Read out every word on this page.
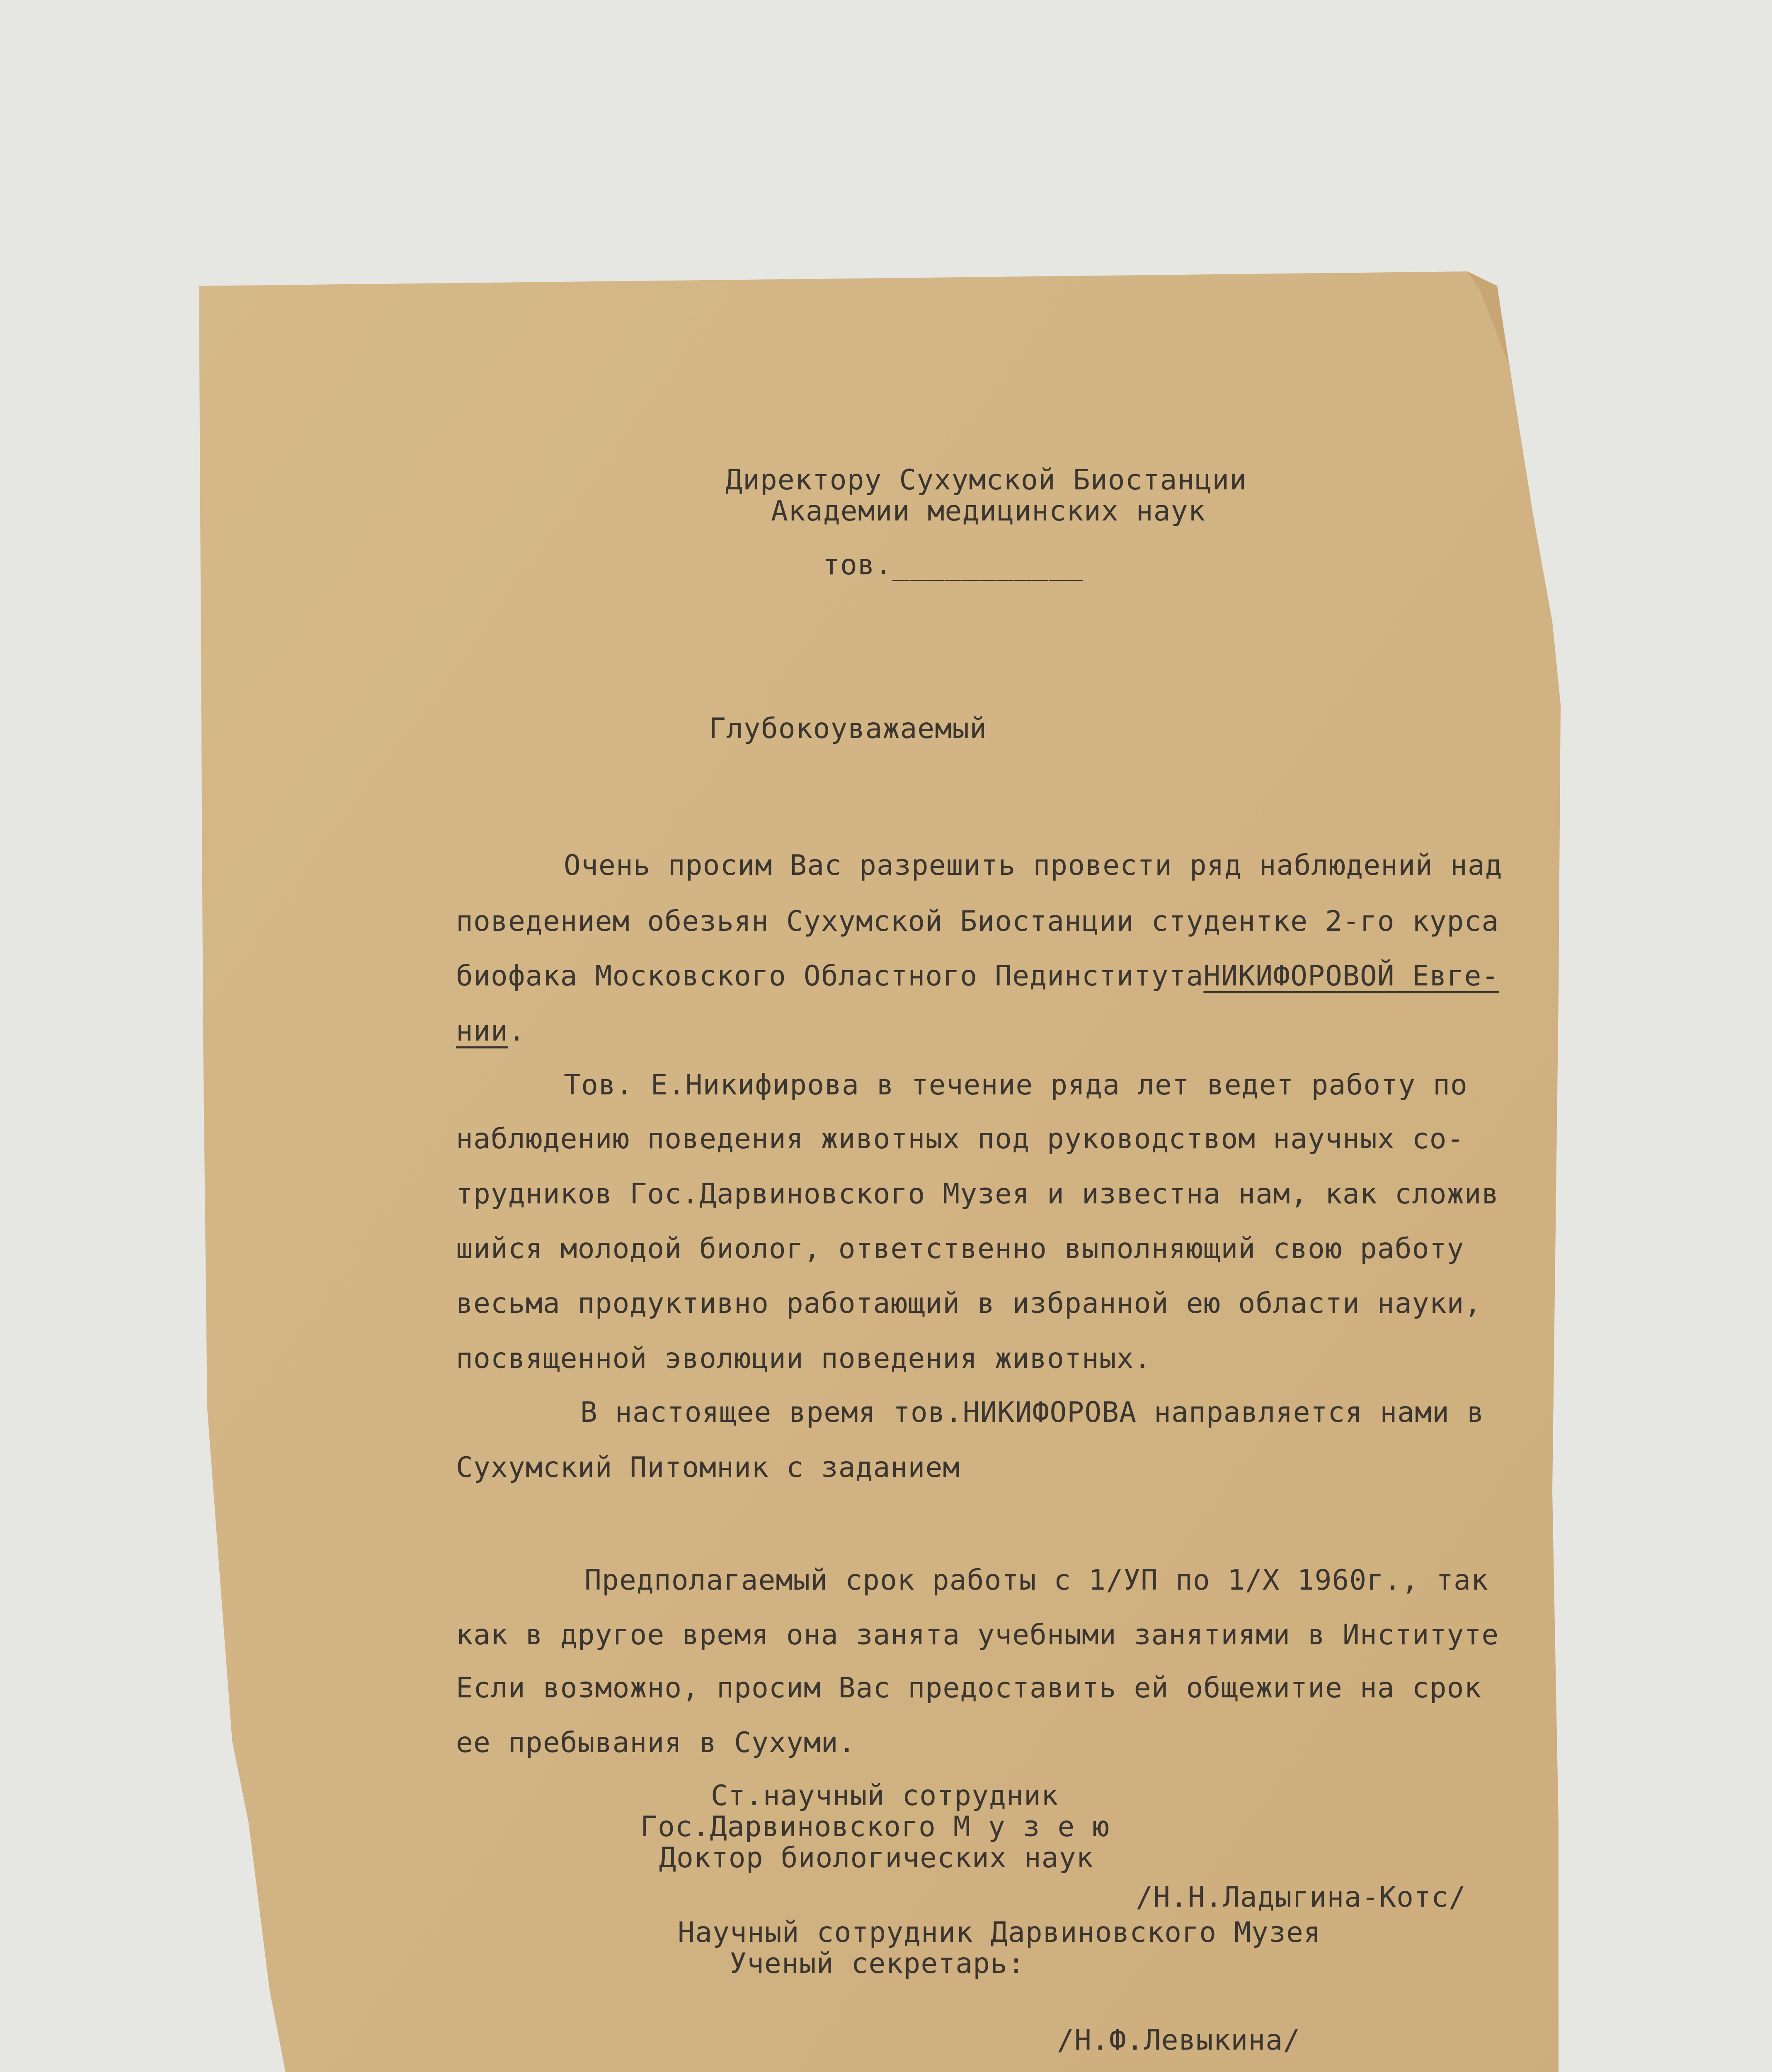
Директору Сухумской Биостанции
Академии медицинских наук
тов.___________
Глубокоуважаемый
Очень просим Вас разрешить провести ряд наблюдений над
поведением обезьян Сухумской Биостанции студентке 2-го курса
биофака Московского Областного ПединститутаНИКИФОРОВОЙ Евге-
нии.
Тов. Е.Никифирова в течение ряда лет ведет работу по
наблюдению поведения животных под руководством научных со-
трудников Гос.Дарвиновского Музея и известна нам, как сложив
шийся молодой биолог, ответственно выполняющий свою работу
весьма продуктивно работающий в избранной ею области науки,
посвященной эволюции поведения животных.
В настоящее время тов.НИКИФОРОВА направляется нами в
Сухумский Питомник с заданием
Предполагаемый срок работы с 1/УП по 1/Х 1960г., так
как в другое время она занята учебными занятиями в Институте
Если возможно, просим Вас предоставить ей общежитие на срок
ее пребывания в Сухуми.
Ст.научный сотрудник
Гос.Дарвиновского М у з е ю
Доктор биологических наук
/Н.Н.Ладыгина-Котс/
Научный сотрудник Дарвиновского Музея
Ученый секретарь:
/Н.Ф.Левыкина/
